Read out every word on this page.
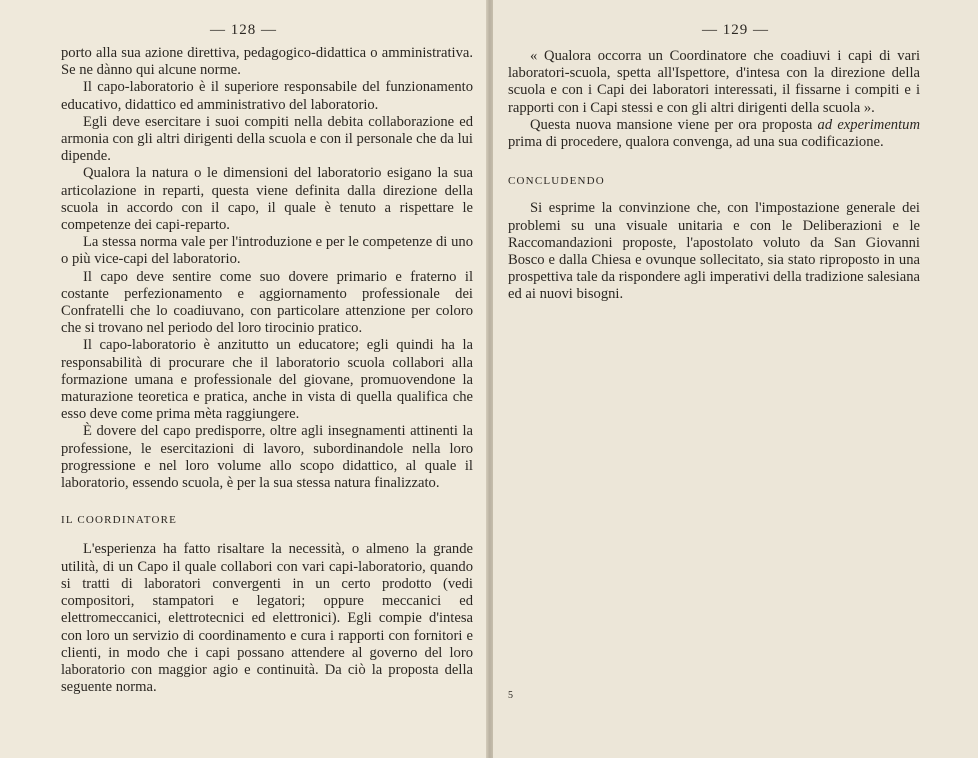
— 128 —

porto alla sua azione direttiva, pedagogico-didattica o amministrativa. Se ne dànno qui alcune norme.

Il capo-laboratorio è il superiore responsabile del funzionamento educativo, didattico ed amministrativo del laboratorio.

Egli deve esercitare i suoi compiti nella debita collaborazione ed armonia con gli altri dirigenti della scuola e con il personale che da lui dipende.

Qualora la natura o le dimensioni del laboratorio esigano la sua articolazione in reparti, questa viene definita dalla direzione della scuola in accordo con il capo, il quale è tenuto a rispettare le competenze dei capi-reparto.

La stessa norma vale per l'introduzione e per le competenze di uno o più vice-capi del laboratorio.

Il capo deve sentire come suo dovere primario e fraterno il costante perfezionamento e aggiornamento professionale dei Confratelli che lo coadiuvano, con particolare attenzione per coloro che si trovano nel periodo del loro tirocinio pratico.

Il capo-laboratorio è anzitutto un educatore; egli quindi ha la responsabilità di procurare che il laboratorio scuola collabori alla formazione umana e professionale del giovane, promuovendone la maturazione teoretica e pratica, anche in vista di quella qualifica che esso deve come prima mèta raggiungere.

È dovere del capo predisporre, oltre agli insegnamenti attinenti la professione, le esercitazioni di lavoro, subordinandole nella loro progressione e nel loro volume allo scopo didattico, al quale il laboratorio, essendo scuola, è per la sua stessa natura finalizzato.

IL COORDINATORE

L'esperienza ha fatto risaltare la necessità, o almeno la grande utilità, di un Capo il quale collabori con vari capi-laboratorio, quando si tratti di laboratori convergenti in un certo prodotto (vedi compositori, stampatori e legatori; oppure meccanici ed elettromeccanici, elettrotecnici ed elettronici). Egli compie d'intesa con loro un servizio di coordinamento e cura i rapporti con fornitori e clienti, in modo che i capi possano attendere al governo del loro laboratorio con maggior agio e continuità. Da ciò la proposta della seguente norma.

— 129 —

« Qualora occorra un Coordinatore che coadiuvi i capi di vari laboratori-scuola, spetta all'Ispettore, d'intesa con la direzione della scuola e con i Capi dei laboratori interessati, il fissarne i compiti e i rapporti con i Capi stessi e con gli altri dirigenti della scuola ».

Questa nuova mansione viene per ora proposta ad experimentum prima di procedere, qualora convenga, ad una sua codificazione.

CONCLUDENDO

Si esprime la convinzione che, con l'impostazione generale dei problemi su una visuale unitaria e con le Deliberazioni e le Raccomandazioni proposte, l'apostolato voluto da San Giovanni Bosco e dalla Chiesa e ovunque sollecitato, sia stato riproposto in una prospettiva tale da rispondere agli imperativi della tradizione salesiana ed ai nuovi bisogni.

5
